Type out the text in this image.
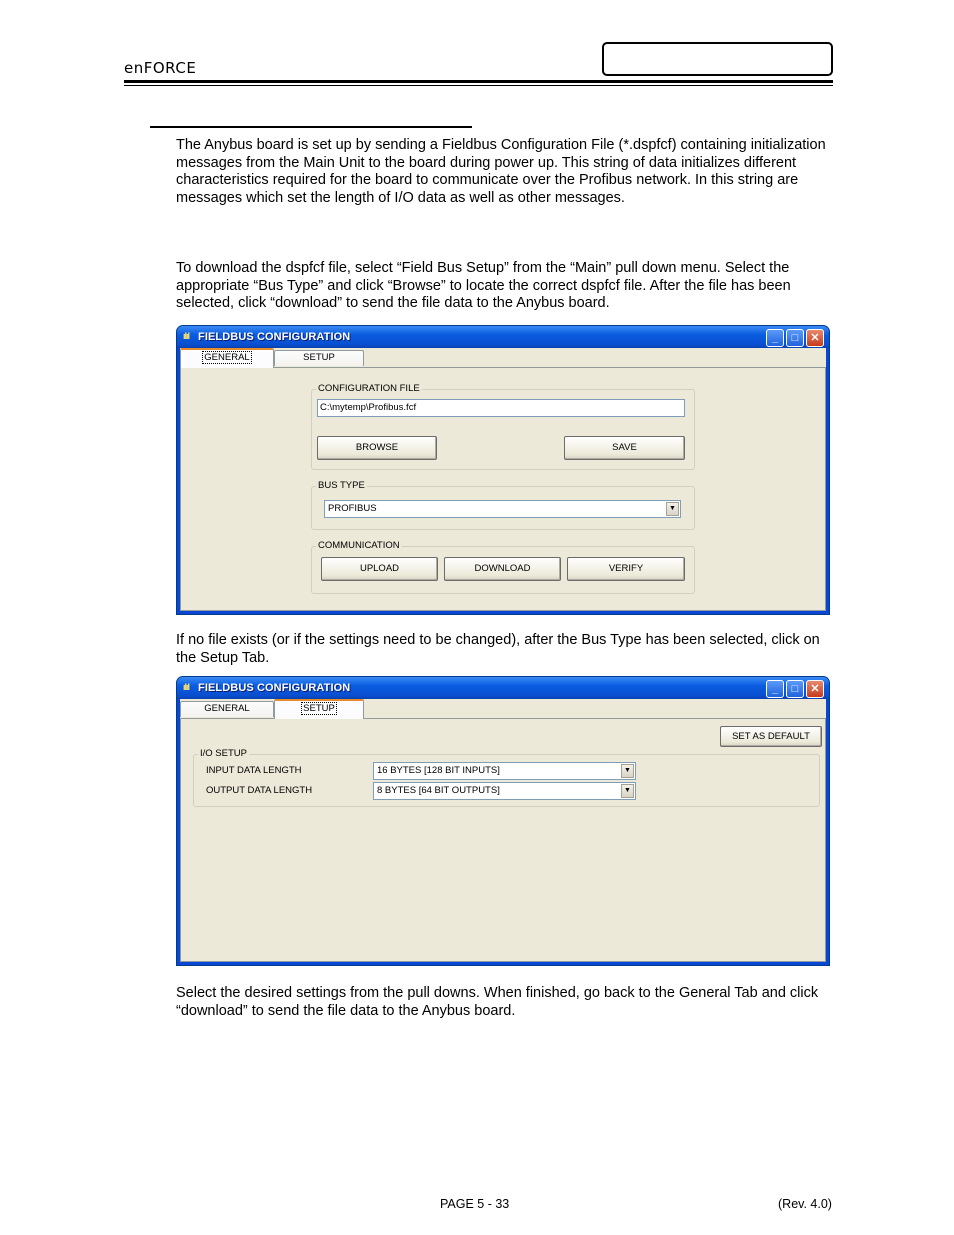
enFORCE
The Anybus board is set up by sending a Fieldbus Configuration File (*.dspfcf) containing initialization messages from the Main Unit to the board during power up. This string of data initializes different characteristics required for the board to communicate over the Profibus network. In this string are messages which set the length of I/O data as well as other messages.
To download the dspfcf file, select “Field Bus Setup” from the “Main” pull down menu. Select the appropriate “Bus Type” and click “Browse” to locate the correct dspfcf file. After the file has been selected, click “download” to send the file data to the Anybus board.
ıIıI FIELDBUS CONFIGURATION	_	□	✕
GENERAL	SETUP
CONFIGURATION FILE
C:\mytemp\Profibus.fcf
BROWSE	SAVE
BUS TYPE
PROFIBUS	▼
COMMUNICATION
UPLOAD	DOWNLOAD	VERIFY
If no file exists (or if the settings need to be changed), after the Bus Type has been selected, click on the Setup Tab.
ıIıI FIELDBUS CONFIGURATION	_	□	✕
GENERAL	SETUP
SET AS DEFAULT
I/O SETUP
INPUT DATA LENGTH	16 BYTES [128 BIT INPUTS]	▼
OUTPUT DATA LENGTH	8 BYTES [64 BIT OUTPUTS]	▼
Select the desired settings from the pull downs. When finished, go back to the General Tab and click “download” to send the file data to the Anybus board.
PAGE 5 - 33	(Rev. 4.0)
